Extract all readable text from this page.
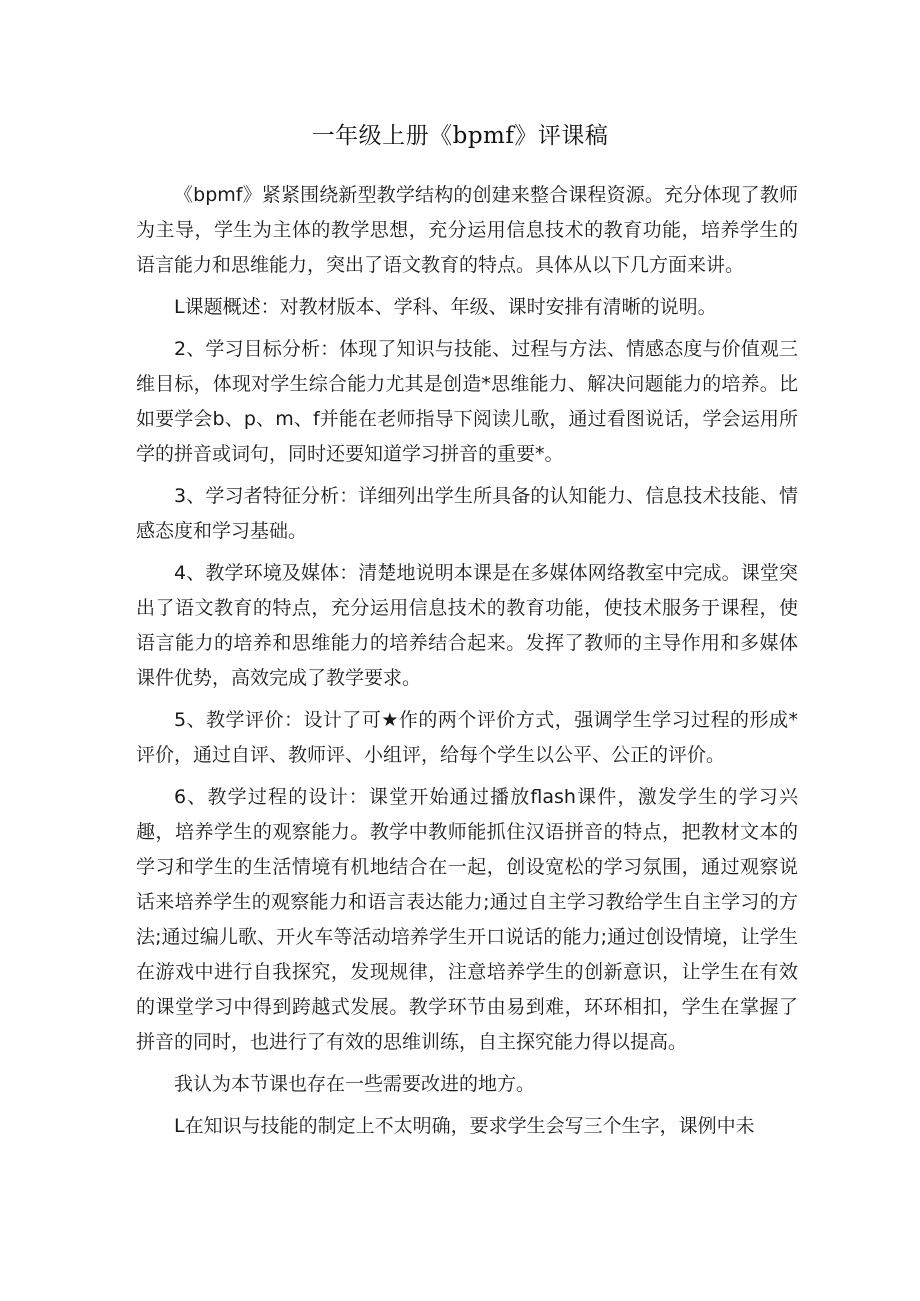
一年级上册《bpmf》评课稿

《bpmf》紧紧围绕新型教学结构的创建来整合课程资源。充分体现了教师为主导，学生为主体的教学思想，充分运用信息技术的教育功能，培养学生的语言能力和思维能力，突出了语文教育的特点。具体从以下几方面来讲。

L课题概述：对教材版本、学科、年级、课时安排有清晰的说明。

2、学习目标分析：体现了知识与技能、过程与方法、情感态度与价值观三维目标，体现对学生综合能力尤其是创造*思维能力、解决问题能力的培养。比如要学会b、p、m、f并能在老师指导下阅读儿歌，通过看图说话，学会运用所学的拼音或词句，同时还要知道学习拼音的重要*。

3、学习者特征分析：详细列出学生所具备的认知能力、信息技术技能、情感态度和学习基础。

4、教学环境及媒体：清楚地说明本课是在多媒体网络教室中完成。课堂突出了语文教育的特点，充分运用信息技术的教育功能，使技术服务于课程，使语言能力的培养和思维能力的培养结合起来。发挥了教师的主导作用和多媒体课件优势，高效完成了教学要求。

5、教学评价：设计了可★作的两个评价方式，强调学生学习过程的形成*评价，通过自评、教师评、小组评，给每个学生以公平、公正的评价。

6、教学过程的设计：课堂开始通过播放flash课件，激发学生的学习兴趣，培养学生的观察能力。教学中教师能抓住汉语拼音的特点，把教材文本的学习和学生的生活情境有机地结合在一起，创设宽松的学习氛围，通过观察说话来培养学生的观察能力和语言表达能力;通过自主学习教给学生自主学习的方法;通过编儿歌、开火车等活动培养学生开口说话的能力;通过创设情境，让学生在游戏中进行自我探究，发现规律，注意培养学生的创新意识，让学生在有效的课堂学习中得到跨越式发展。教学环节由易到难，环环相扣，学生在掌握了拼音的同时，也进行了有效的思维训练，自主探究能力得以提高。

我认为本节课也存在一些需要改进的地方。

L在知识与技能的制定上不太明确，要求学生会写三个生字，课例中未
